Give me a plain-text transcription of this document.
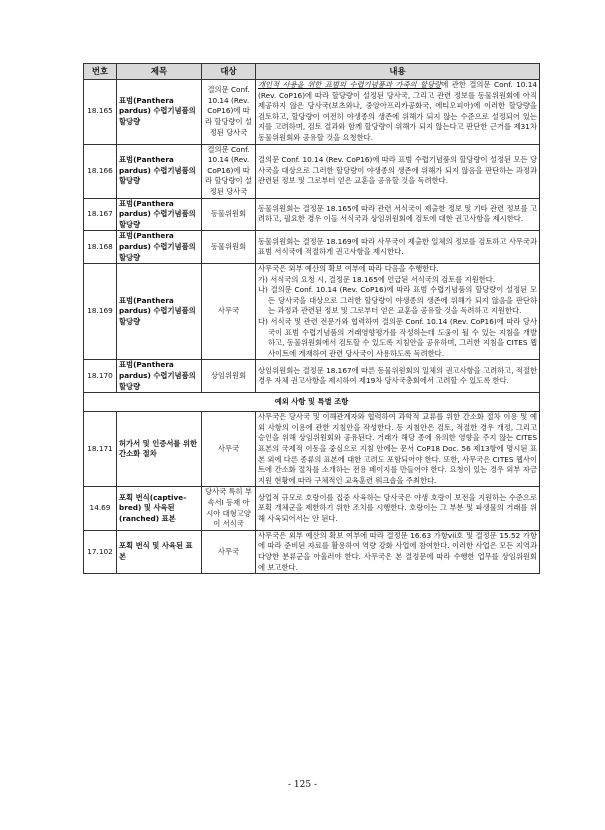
번호	제목	대상	내용
18.165	표범(Panthera pardus) 수렵기념품의 할당량	결의문 Conf. 10.14 (Rev. CoP16)에 따라 할당량이 설정된 당사국	개인적 사용을 위한 표범의 수렵기념품과 가죽의 할당량에 관한 결의문 Conf. 10.14 (Rev. CoP16)에 따라 할당량이 설정된 당사국, 그리고 관련 정보를 동물위원회에 아직 제공하지 않은 당사국(보츠와나, 중앙아프리카공화국, 에티오피아)에 이러한 할당량을 검토하고, 할당량이 여전히 야생종의 생존에 위해가 되지 않는 수준으로 설정되어 있는지를 고려하며, 검토 결과와 함께 할당량이 위해가 되지 않는다고 판단한 근거를 제31차 동물위원회와 공유할 것을 요청한다.

18.166	표범(Panthera pardus) 수렵기념품의 할당량	결의문 Conf. 10.14 (Rev. CoP16)에 따라 할당량이 설정된 당사국	결의문 Conf. 10.14 (Rev. CoP16)에 따라 표범 수렵기념품의 할당량이 설정된 모든 당사국을 대상으로 그러한 할당량이 야생종의 생존에 위해가 되지 않음을 판단하는 과정과 관련된 정보 및 그로부터 얻은 교훈을 공유할 것을 독려한다.

18.167	표범(Panthera pardus) 수렵기념품의 할당량	동물위원회	동물위원회는 결정문 18.165에 따라 관련 서식국이 제출한 정보 및 기타 관련 정보를 고려하고, 필요한 경우 이들 서식국과 상임위원회에 검토에 대한 권고사항을 제시한다.

18.168	표범(Panthera pardus) 수렵기념품의 할당량	동물위원회	동물위원회는 결정문 18.169에 따라 사무국이 제출한 일체의 정보를 검토하고 사무국과 표범 서식국에 적절하게 권고사항을 제시한다.

18.169	표범(Panthera pardus) 수렵기념품의 할당량	사무국	사무국은 외부 예산의 확보 여부에 따라 다음을 수행한다.

가) 서식국의 요청 시, 결정문 18.165에 언급된 서식국의 검토를 지원한다.

나) 결의문 Conf. 10.14 (Rev. CoP16)에 따라 표범 수렵기념품의 할당량이 설정된 모든 당사국을 대상으로 그러한 할당량이 야생종의 생존에 위해가 되지 않음을 판단하는 과정과 관련된 정보 및 그로부터 얻은 교훈을 공유할 것을 독려하고 지원한다.

다) 서식국 및 관련 전문가와 협력하여 결의문 Conf. 10.14 (Rev. CoP16)에 따라 당사국이 표범 수렵기념품의 거래영향평가를 작성하는데 도움이 될 수 있는 지침을 개발하고, 동물위원회에서 검토할 수 있도록 지침안을 공유하며, 그러한 지침을 CITES 웹사이트에 게재하여 관련 당사국이 사용하도록 독려한다.

18.170	표범(Panthera pardus) 수렵기념품의 할당량	상임위원회	상임위원회는 결정문 18.167에 따른 동물위원회의 일체의 권고사항을 고려하고, 적절한 경우 자체 권고사항을 제시하여 제19차 당사국총회에서 고려할 수 있도록 한다.

예외 사항 및 특별 조항			
18.171	허가서 및 인증서를 위한 간소화 절차	사무국	사무국은 당사국 및 이해관계자와 협력하여 과학적 교류를 위한 간소화 절차 이용 및 예외 사항의 이용에 관한 지침안을 작성한다. 동 지침안은 검토, 적절한 경우 개정, 그리고 승인을 위해 상임위원회와 공유된다. 거래가 해당 종에 유의한 영향을 주지 않는 CITES 표본의 국제적 이동을 중심으로 지침 안에는 문서 CoP18 Doc. 56 제13항에 명시된 표본 외에 다른 종류의 표본에 대한 고려도 포함되어야 한다. 또한, 사무국은 CITES 웹사이트에 간소화 절차를 소개하는 전용 페이지를 만들어야 한다. 요청이 있는 경우 외부 자금 지원 현황에 따라 구체적인 교육훈련 워크숍을 주최한다.

14.69	포획 번식(captive-bred) 및 사육된(ranched) 표본	당사국 특히 부속서I 등재 아시아 대형고양이 서식국	상업적 규모로 호랑이를 집중 사육하는 당사국은 야생 호랑이 보전을 지원하는 수준으로 포획 개체군을 제한하기 위한 조치를 시행한다. 호랑이는 그 부분 및 파생물의 거래를 위해 사육되어서는 안 된다.

17.102	포획 번식 및 사육된 표본	사무국	사무국은 외부 예산의 확보 여부에 따라 결정문 16.63 가항vii호 및 결정문 15.52 가항에 따라 준비된 자료를 활용하여 역량 강화 사업에 참여한다. 이러한 사업은 모든 지역과 다양한 분류군을 아울러야 한다. 사무국은 본 결정문에 따라 수행한 업무를 상임위원회에 보고한다.

- 125 -
